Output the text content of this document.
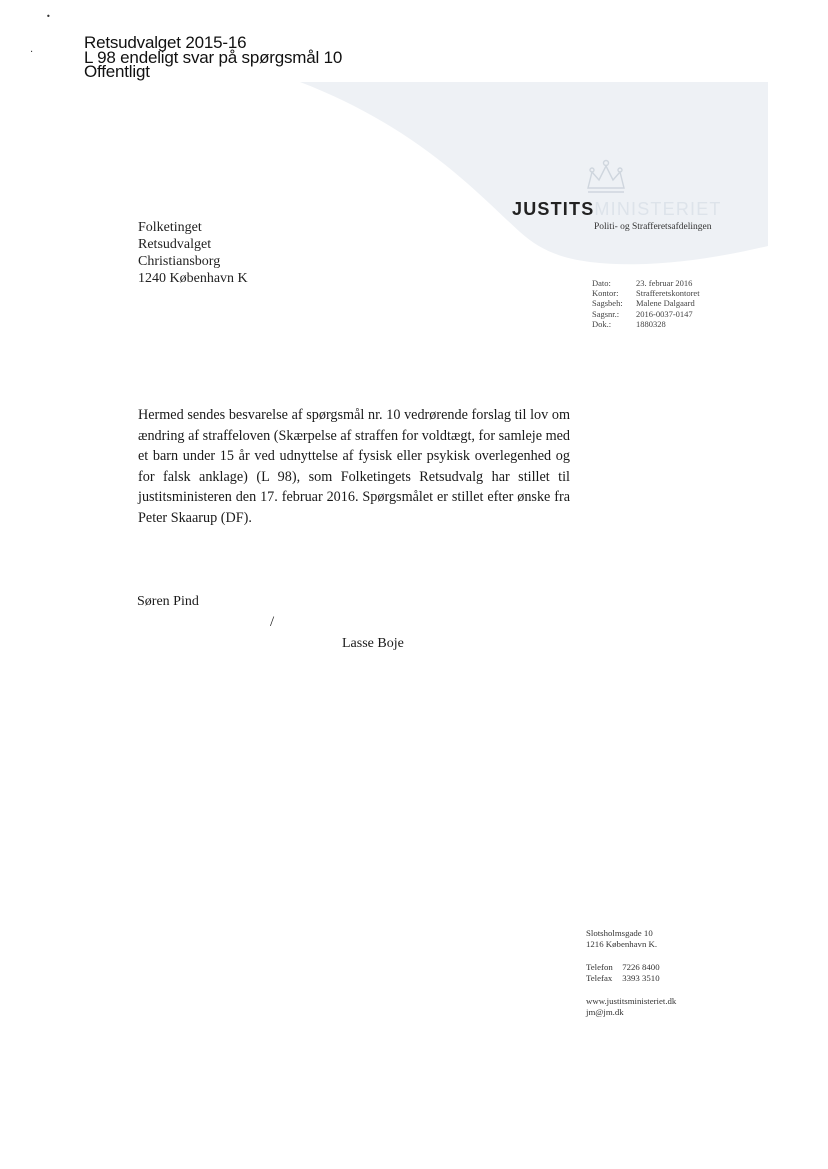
•
·
Retsudvalget 2015-16
L 98 endeligt svar på spørgsmål 10
Offentligt
JUSTITSMINISTERIET
Politi- og Strafferetsafdelingen
Folketinget
Retsudvalget
Christiansborg
1240 København K	Dato:	23. februar 2016
Kontor:	Strafferetskontoret
Sagsbeh:	Malene Dalgaard
Sagsnr.:	2016-0037-0147
Dok.:	1880328

Hermed sendes besvarelse af spørgsmål nr. 10 vedrørende forslag til lov om ændring af straffeloven (Skærpelse af straffen for voldtægt, for samleje med et barn under 15 år ved udnyttelse af fysisk eller psykisk overlegenhed og for falsk anklage) (L 98), som Folketingets Retsudvalg har stillet til justitsministeren den 17. februar 2016. Spørgsmålet er stillet efter ønske fra Peter Skaarup (DF).

Søren Pind
/
Lasse Boje
Slotsholmsgade 10
1216 København K.
Telefon 7226 8400
Telefax 3393 3510
www.justitsministeriet.dk
jm@jm.dk
